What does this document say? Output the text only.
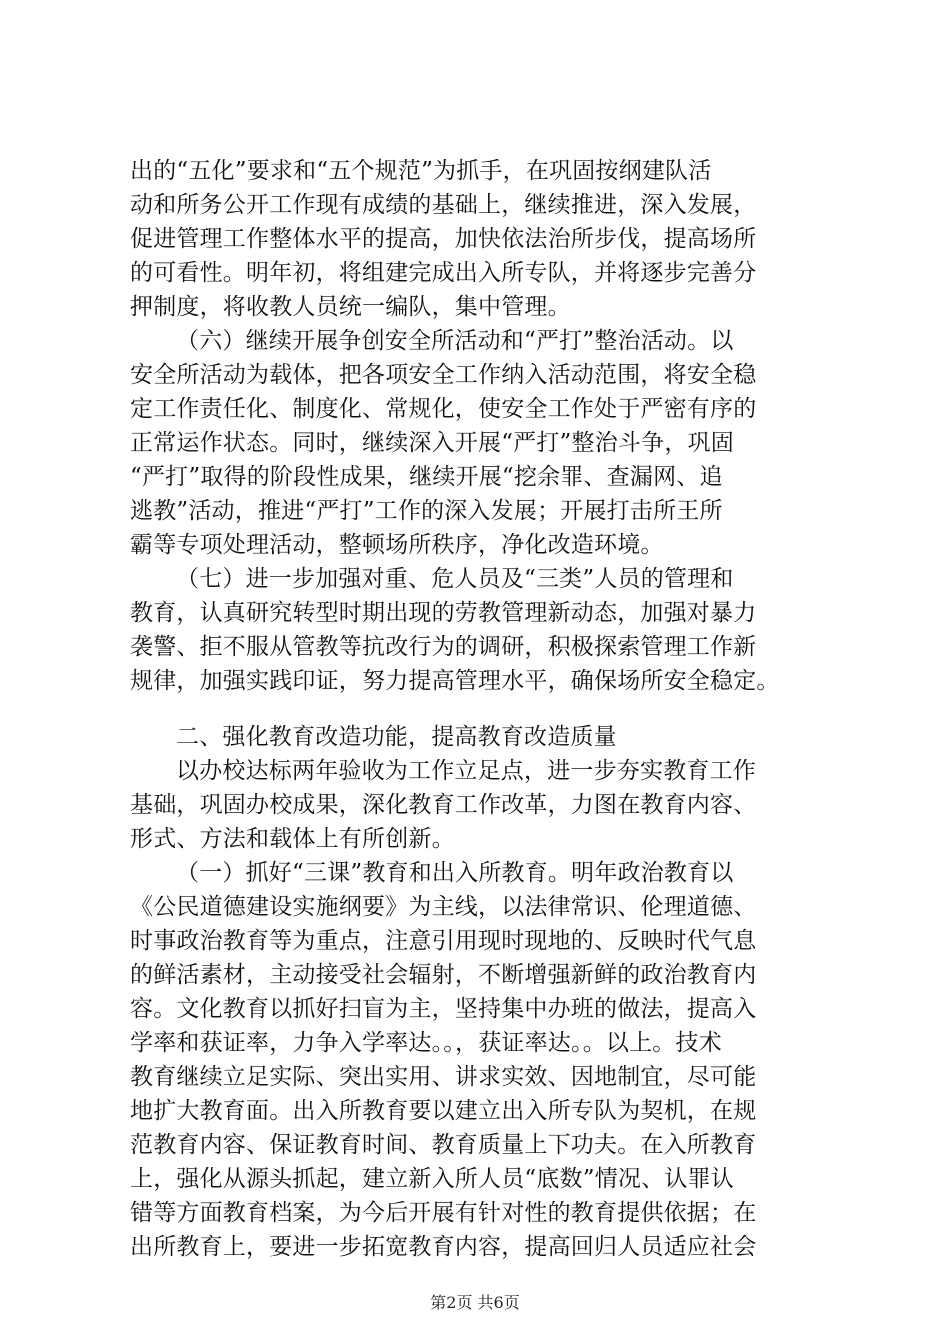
出的“五化”要求和“五个规范”为抓手，在巩固按纲建队活
动和所务公开工作现有成绩的基础上，继续推进，深入发展，
促进管理工作整体水平的提高，加快依法治所步伐，提高场所
的可看性。明年初，将组建完成出入所专队，并将逐步完善分
押制度，将收教人员统一编队，集中管理。
（六）继续开展争创安全所活动和“严打”整治活动。以
安全所活动为载体，把各项安全工作纳入活动范围，将安全稳
定工作责任化、制度化、常规化，使安全工作处于严密有序的
正常运作状态。同时，继续深入开展“严打”整治斗争，巩固
“严打”取得的阶段性成果，继续开展“挖余罪、查漏网、追
逃教”活动，推进“严打”工作的深入发展；开展打击所王所
霸等专项处理活动，整顿场所秩序，净化改造环境。
（七）进一步加强对重、危人员及“三类”人员的管理和
教育，认真研究转型时期出现的劳教管理新动态，加强对暴力
袭警、拒不服从管教等抗改行为的调研，积极探索管理工作新
规律，加强实践印证，努力提高管理水平，确保场所安全稳定。
二、强化教育改造功能，提高教育改造质量
以办校达标两年验收为工作立足点，进一步夯实教育工作
基础，巩固办校成果，深化教育工作改革，力图在教育内容、
形式、方法和载体上有所创新。
（一）抓好“三课”教育和出入所教育。明年政治教育以
《公民道德建设实施纲要》为主线，以法律常识、伦理道德、
时事政治教育等为重点，注意引用现时现地的、反映时代气息
的鲜活素材，主动接受社会辐射，不断增强新鲜的政治教育内
容。文化教育以抓好扫盲为主，坚持集中办班的做法，提高入
学率和获证率，力争入学率达。。，获证率达。。以上。技术
教育继续立足实际、突出实用、讲求实效、因地制宜，尽可能
地扩大教育面。出入所教育要以建立出入所专队为契机，在规
范教育内容、保证教育时间、教育质量上下功夫。在入所教育
上，强化从源头抓起，建立新入所人员“底数”情况、认罪认
错等方面教育档案，为今后开展有针对性的教育提供依据；在
出所教育上，要进一步拓宽教育内容，提高回归人员适应社会
第2页 共6页
